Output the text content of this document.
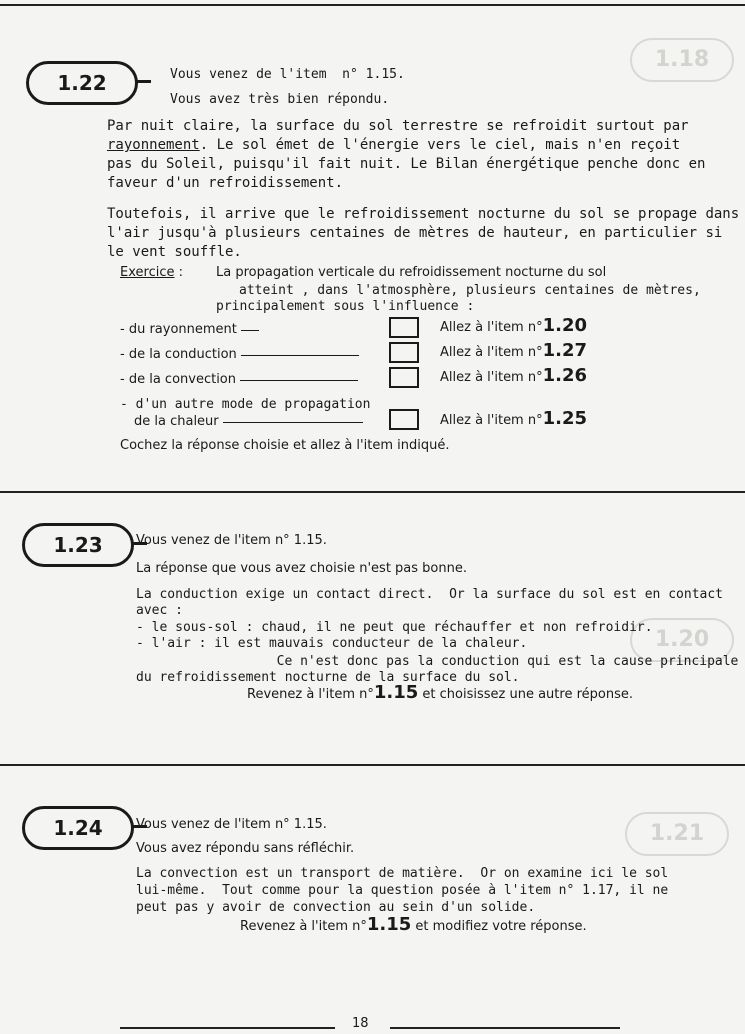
1.18
1.20
1.21
1.22	Vous venez de l'item  n° 1.15.
Vous avez très bien répondu.
Par nuit claire, la surface du sol terrestre se refroidit surtout par
rayonnement. Le sol émet de l'énergie vers le ciel, mais n'en reçoit
pas du Soleil, puisqu'il fait nuit. Le Bilan énergétique penche donc en
faveur d'un refroidissement.
Toutefois, il arrive que le refroidissement nocturne du sol se propage dans
l'air jusqu'à plusieurs centaines de mètres de hauteur, en particulier si
le vent souffle.
Exercice :	La propagation verticale du refroidissement nocturne du sol
atteint , dans l'atmosphère, plusieurs centaines de mètres,
principalement sous l'influence :
- du rayonnement	Allez à l'item n°1.20
- de la conduction	Allez à l'item n°1.27
- de la convection	Allez à l'item n°1.26
- d'un autre mode de propagation
de la chaleur	Allez à l'item n°1.25
Cochez la réponse choisie et allez à l'item indiqué.
1.23	Vous venez de l'item n° 1.15.
La réponse que vous avez choisie n'est pas bonne.
La conduction exige un contact direct.  Or la surface du sol est en contact
avec :
- le sous-sol : chaud, il ne peut que réchauffer et non refroidir.
- l'air : il est mauvais conducteur de la chaleur.
Ce n'est donc pas la conduction qui est la cause principale
du refroidissement nocturne de la surface du sol.
Revenez à l'item n°1.15 et choisissez une autre réponse.
1.24	Vous venez de l'item n° 1.15.
Vous avez répondu sans réfléchir.
La convection est un transport de matière.  Or on examine ici le sol
lui-même.  Tout comme pour la question posée à l'item n° 1.17, il ne
peut pas y avoir de convection au sein d'un solide.
Revenez à l'item n°1.15 et modifiez votre réponse.
18
